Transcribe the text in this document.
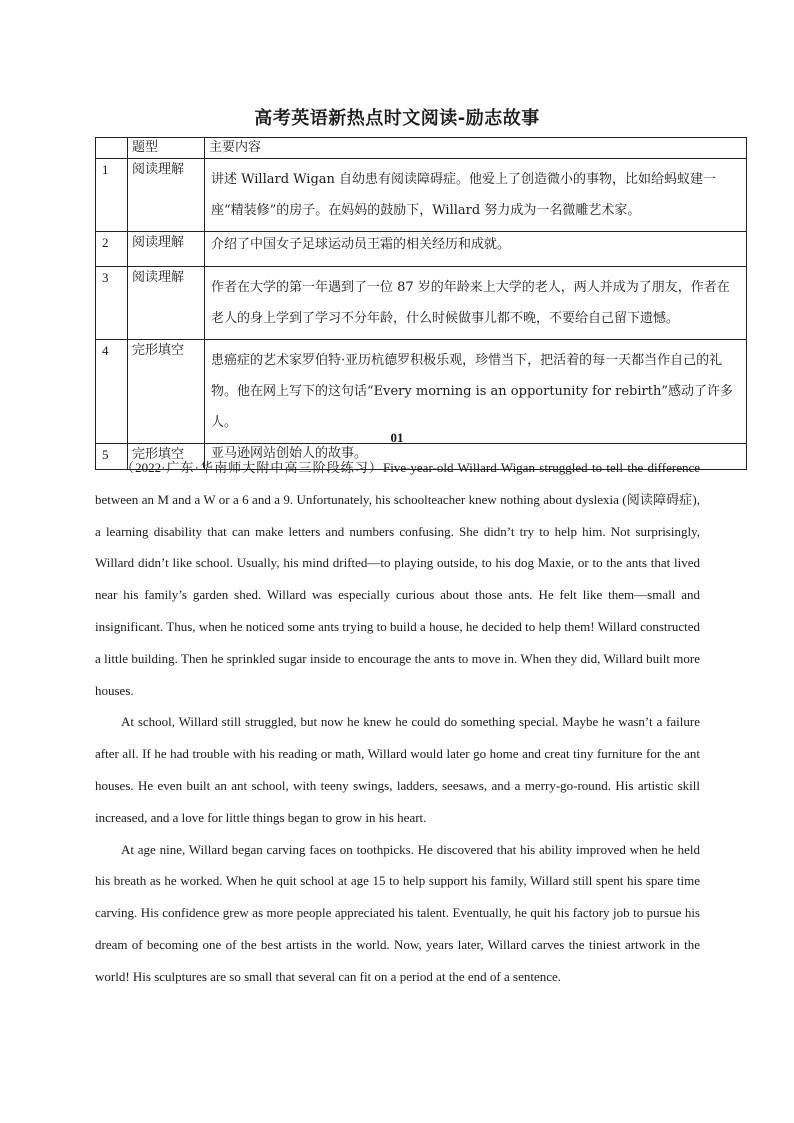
高考英语新热点时文阅读-励志故事
	题型	主要内容
1	阅读理解	讲述 Willard Wigan 自幼患有阅读障碍症。他爱上了创造微小的事物，比如给蚂蚁建一座“精装修”的房子。在妈妈的鼓励下，Willard 努力成为一名微雕艺术家。
2	阅读理解	介绍了中国女子足球运动员王霜的相关经历和成就。
3	阅读理解	作者在大学的第一年遇到了一位 87 岁的年龄来上大学的老人，两人并成为了朋友，作者在老人的身上学到了学习不分年龄，什么时候做事儿都不晚，不要给自己留下遗憾。
4	完形填空	患癌症的艺术家罗伯特·亚历杭德罗积极乐观，珍惜当下，把活着的每一天都当作自己的礼物。他在网上写下的这句话“Every morning is an opportunity for rebirth”感动了许多人。
5	完形填空	亚马逊网站创始人的故事。
01

（2022·广东·华南师大附中高三阶段练习）Five-year-old Willard Wigan struggled to tell the difference between an M and a W or a 6 and a 9. Unfortunately, his schoolteacher knew nothing about dyslexia (阅读障碍症), a learning disability that can make letters and numbers confusing. She didn’t try to help him. Not surprisingly, Willard didn’t like school. Usually, his mind drifted—to playing outside, to his dog Maxie, or to the ants that lived near his family’s garden shed. Willard was especially curious about those ants. He felt like them—small and insignificant. Thus, when he noticed some ants trying to build a house, he decided to help them! Willard constructed a little building. Then he sprinkled sugar inside to encourage the ants to move in. When they did, Willard built more houses.

At school, Willard still struggled, but now he knew he could do something special. Maybe he wasn’t a failure after all. If he had trouble with his reading or math, Willard would later go home and creat tiny furniture for the ant houses. He even built an ant school, with teeny swings, ladders, seesaws, and a merry-go-round. His artistic skill increased, and a love for little things began to grow in his heart.

At age nine, Willard began carving faces on toothpicks. He discovered that his ability improved when he held his breath as he worked. When he quit school at age 15 to help support his family, Willard still spent his spare time carving. His confidence grew as more people appreciated his talent. Eventually, he quit his factory job to pursue his dream of becoming one of the best artists in the world. Now, years later, Willard carves the tiniest artwork in the world! His sculptures are so small that several can fit on a period at the end of a sentence.
